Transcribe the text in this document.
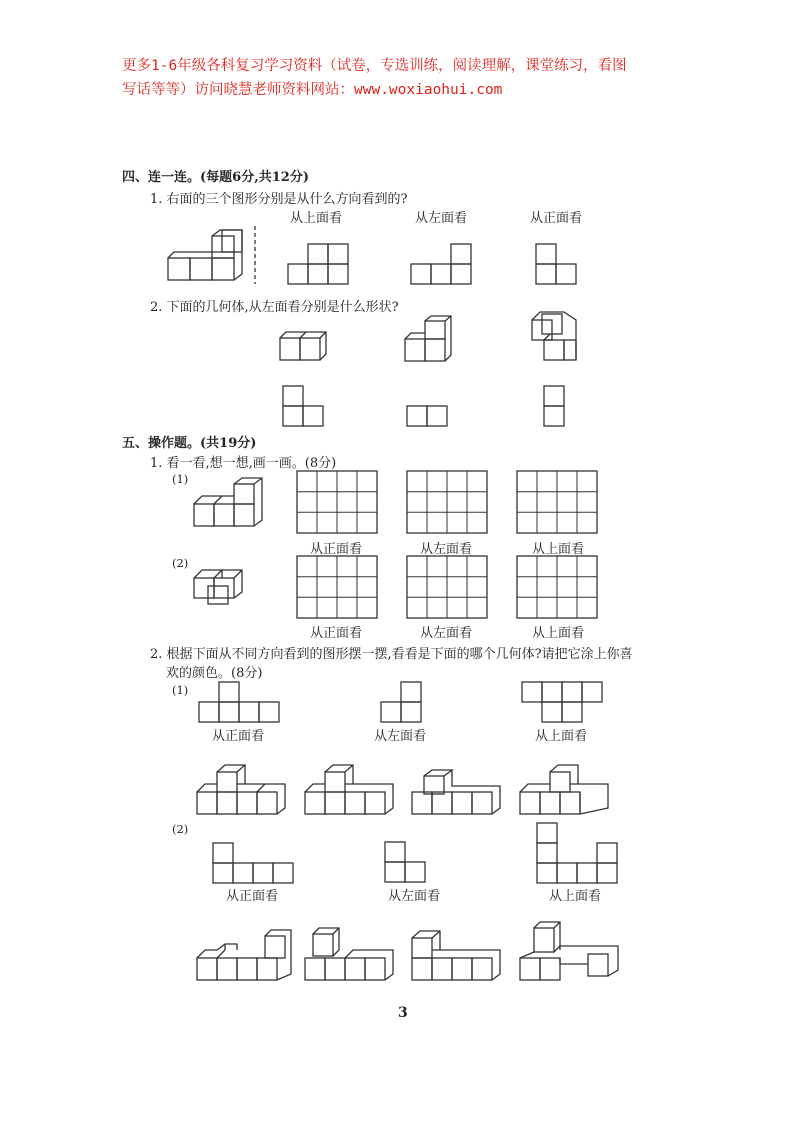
更多1-6年级各科复习学习资料（试卷，专选训练，阅读理解，课堂练习，看图
写话等等）访问晓慧老师资料网站：www.woxiaohui.com
四、连一连。(每题6分,共12分)
1. 右面的三个图形分别是从什么方向看到的?
从上面看	从左面看	从正面看
2. 下面的几何体,从左面看分别是什么形状?
五、操作题。(共19分)
1. 看一看,想一想,画一画。(8分)
(1)
从正面看	从左面看	从上面看
(2)
从正面看	从左面看	从上面看
2. 根据下面从不同方向看到的图形摆一摆,看看是下面的哪个几何体?请把它涂上你喜
欢的颜色。(8分)
(1)
从正面看	从左面看	从上面看
(2)
从正面看	从左面看	从上面看
3
